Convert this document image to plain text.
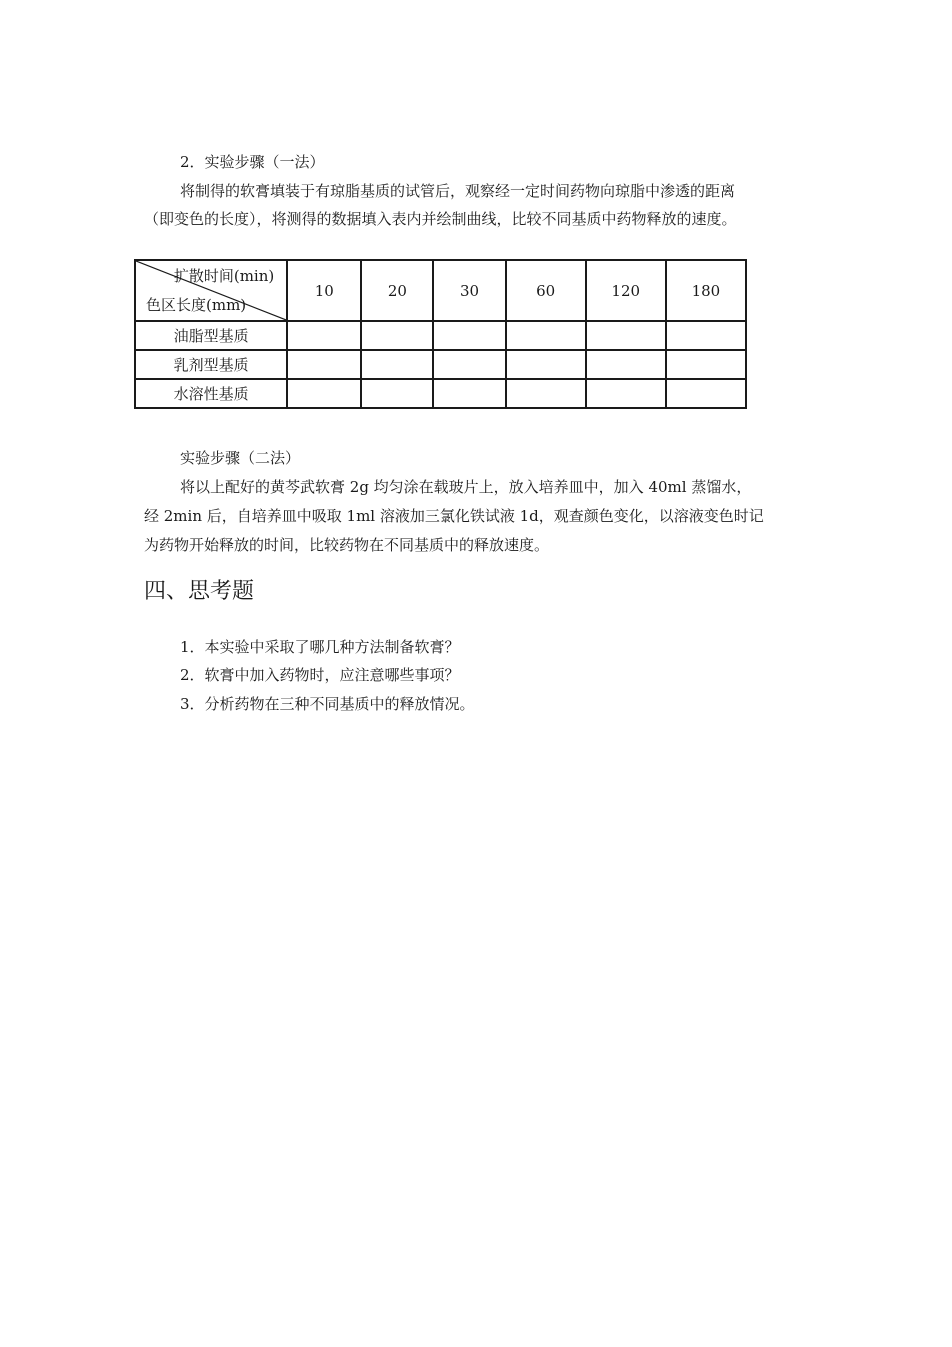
2．实验步骤（一法）
将制得的软膏填装于有琼脂基质的试管后，观察经一定时间药物向琼脂中渗透的距离
（即变色的长度），将测得的数据填入表内并绘制曲线，比较不同基质中药物释放的速度。
扩散时间(min)
色区长度(mm)	10	20	30	60	120	180
油脂型基质						
乳剂型基质						
水溶性基质						
实验步骤（二法）
将以上配好的黄芩武软膏 2g 均匀涂在载玻片上，放入培养皿中，加入 40ml 蒸馏水，
经 2min 后，自培养皿中吸取 1ml 溶液加三氯化铁试液 1d，观查颜色变化，以溶液变色时记
为药物开始释放的时间，比较药物在不同基质中的释放速度。
四、思考题
1．本实验中采取了哪几种方法制备软膏？
2．软膏中加入药物时，应注意哪些事项？
3．分析药物在三种不同基质中的释放情况。
